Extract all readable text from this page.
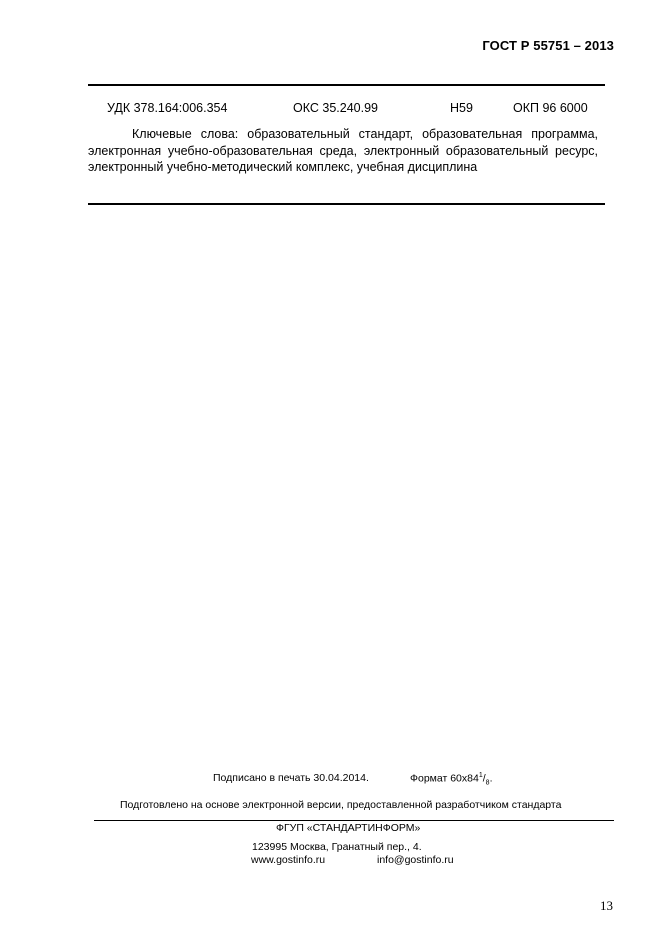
ГОСТ Р 55751 – 2013
УДК 378.164:006.354	ОКС 35.240.99	Н59	ОКП 96 6000

Ключевые слова: образовательный стандарт, образовательная программа, электронная учебно-образовательная среда, электронный образовательный ресурс, электронный учебно-методический комплекс, учебная дисциплина

Подписано в печать 30.04.2014.	Формат $60х84^1/_8$.
Подготовлено на основе электронной версии, предоставленной разработчиком стандарта
ФГУП «СТАНДАРТИНФОРМ»
123995 Москва, Гранатный пер., 4.
www.gostinfo.ru	info@gostinfo.ru
13
